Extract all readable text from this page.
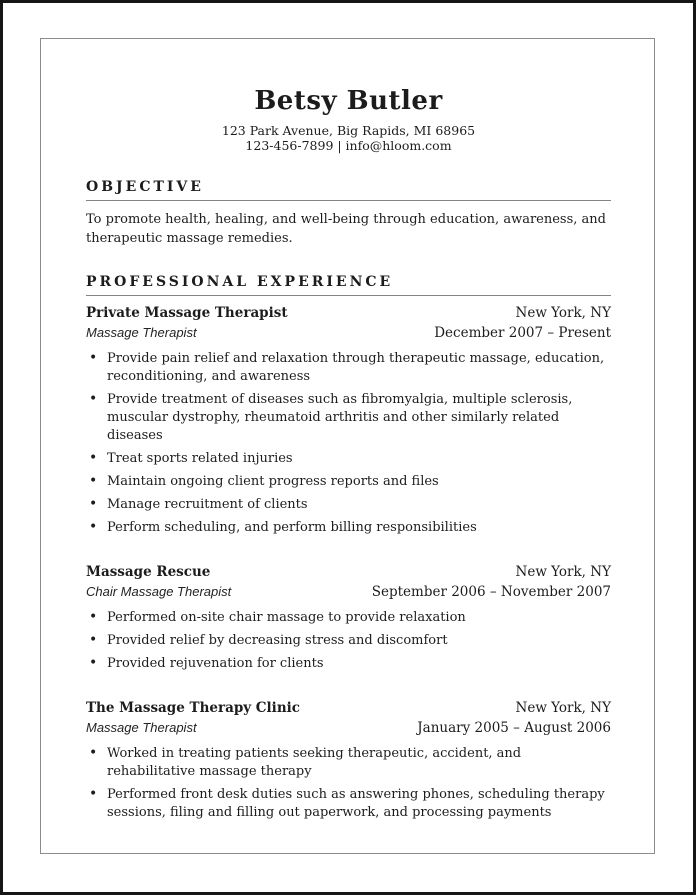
Betsy Butler
123 Park Avenue, Big Rapids, MI 68965
123-456-7899 | info@hloom.com
OBJECTIVE
To promote health, healing, and well-being through education, awareness, and therapeutic massage remedies.
PROFESSIONAL EXPERIENCE
Private Massage Therapist	New York, NY
Massage Therapist	December 2007 – Present
• Provide pain relief and relaxation through therapeutic massage, education, reconditioning, and awareness
• Provide treatment of diseases such as fibromyalgia, multiple sclerosis, muscular dystrophy, rheumatoid arthritis and other similarly related diseases
• Treat sports related injuries
• Maintain ongoing client progress reports and files
• Manage recruitment of clients
• Perform scheduling, and perform billing responsibilities
Massage Rescue	New York, NY
Chair Massage Therapist	September 2006 – November 2007
• Performed on-site chair massage to provide relaxation
• Provided relief by decreasing stress and discomfort
• Provided rejuvenation for clients
The Massage Therapy Clinic	New York, NY
Massage Therapist	January 2005 – August 2006
• Worked in treating patients seeking therapeutic, accident, and rehabilitative massage therapy
• Performed front desk duties such as answering phones, scheduling therapy sessions, filing and filling out paperwork, and processing payments
